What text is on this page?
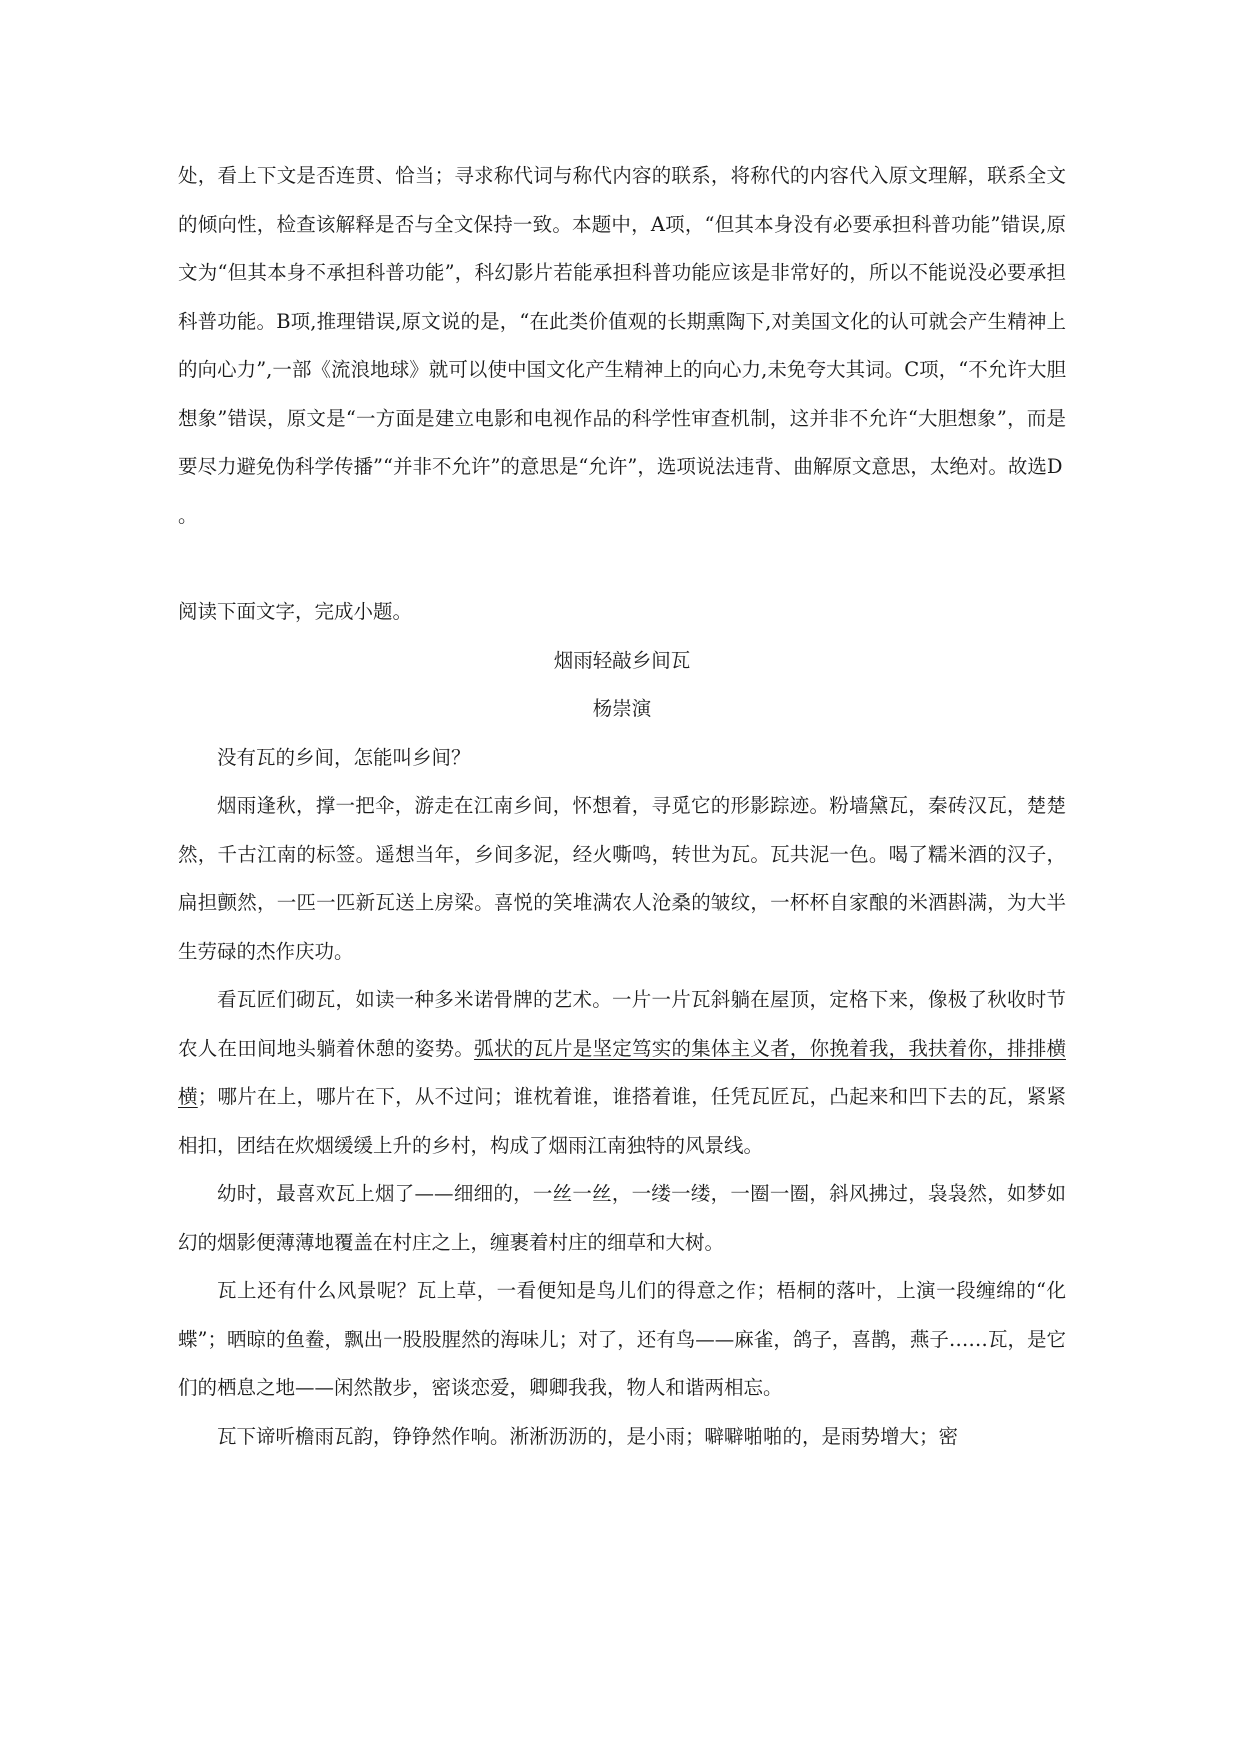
处，看上下文是否连贯、恰当；寻求称代词与称代内容的联系，将称代的内容代入原文理解，联系全文的倾向性，检查该解释是否与全文保持一致。本题中，A项，“但其本身没有必要承担科普功能”错误,原文为“但其本身不承担科普功能”，科幻影片若能承担科普功能应该是非常好的，所以不能说没必要承担科普功能。B项,推理错误,原文说的是，“在此类价值观的长期熏陶下,对美国文化的认可就会产生精神上的向心力”,一部《流浪地球》就可以使中国文化产生精神上的向心力,未免夸大其词。C项，“不允许大胆想象”错误，原文是“一方面是建立电影和电视作品的科学性审查机制，这并非不允许“大胆想象”，而是要尽力避免伪科学传播”“并非不允许”的意思是“允许”，选项说法违背、曲解原文意思，太绝对。故选D
。

阅读下面文字，完成小题。

烟雨轻敲乡间瓦

杨崇演

没有瓦的乡间，怎能叫乡间？

烟雨逢秋，撑一把伞，游走在江南乡间，怀想着，寻觅它的形影踪迹。粉墙黛瓦，秦砖汉瓦，楚楚然，千古江南的标签。遥想当年，乡间多泥，经火嘶鸣，转世为瓦。瓦共泥一色。喝了糯米酒的汉子，扁担颤然，一匹一匹新瓦送上房梁。喜悦的笑堆满农人沧桑的皱纹，一杯杯自家酿的米酒斟满，为大半生劳碌的杰作庆功。

看瓦匠们砌瓦，如读一种多米诺骨牌的艺术。一片一片瓦斜躺在屋顶，定格下来，像极了秋收时节农人在田间地头躺着休憩的姿势。弧状的瓦片是坚定笃实的集体主义者，你挽着我，我扶着你，排排横横；哪片在上，哪片在下，从不过问；谁枕着谁，谁搭着谁，任凭瓦匠瓦，凸起来和凹下去的瓦，紧紧相扣，团结在炊烟缓缓上升的乡村，构成了烟雨江南独特的风景线。

幼时，最喜欢瓦上烟了——细细的，一丝一丝，一缕一缕，一圈一圈，斜风拂过，袅袅然，如梦如幻的烟影便薄薄地覆盖在村庄之上，缠裹着村庄的细草和大树。

瓦上还有什么风景呢？瓦上草，一看便知是鸟儿们的得意之作；梧桐的落叶，上演一段缠绵的“化蝶”；晒晾的鱼鲞，飘出一股股腥然的海味儿；对了，还有鸟——麻雀，鸽子，喜鹊，燕子……瓦，是它们的栖息之地——闲然散步，密谈恋爱，卿卿我我，物人和谐两相忘。

瓦下谛听檐雨瓦韵，铮铮然作响。淅淅沥沥的，是小雨；噼噼啪啪的，是雨势增大；密
